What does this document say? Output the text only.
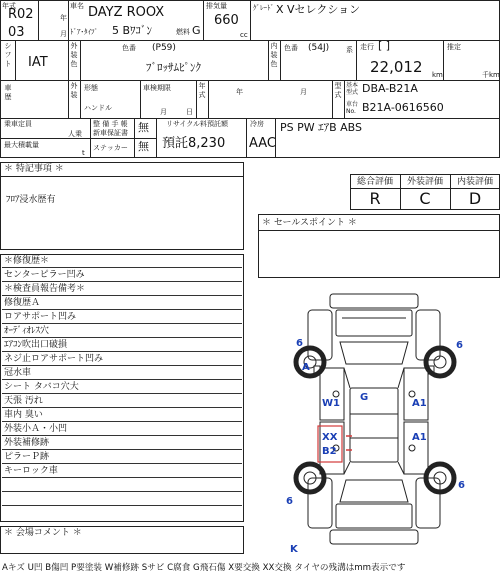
年式
R02	年
03	月
車名 DAYZ ROOX
ﾄﾞｱ･ﾀｲﾌﾟ 5 Bﾜｺﾞﾝ	燃料 G
排気量
660
cc
ｸﾞﾚｰﾄﾞ X Vセレクション
シフト IAT
外装色
色番 (P59)
ﾌﾞﾛｯｻﾑﾋﾟﾝｸ
内装色
色番 (54J) 系 走行 [ ]
22,012 km
推定
千km
車歴
外装
形態
ハンドル
車検期限
月	日
年式	年	月
型式
基本型式 DBA-B21A
車台No. B21A-0616560
乗車定員
人乗
最大積載量
t
整 備 手 帳
新車保証書 無
ステッカー 無
リサイクル料預託額
預託8,230
冷房
AAC
PS PW ｴｱB ABS
＊ 特記事項 ＊
ﾌﾛｱ浸水歴有
総合評価	外装評価	内装評価
R	C	D
＊ セールスポイント ＊
＊修復歴＊
センターピラー凹み
＊検査員報告備考＊
修復歴Ａ
ロアサポート凹み
ｵｰﾃﾞｨｵﾚｽ穴
ｴｱｺﾝ吹出口破損
ネジ止ロアサポート凹み
冠水車
シート タバコ穴大
天張 汚れ
車内 臭い
外装小Ａ・小凹
外装補修跡
ピラーＰ跡
キーロック車
＊ 会場コメント ＊
6
A
6
W1
G
A1
XX
B2
A1
6
6
K
Aキズ U凹 B傷凹 P要塗装 W補修跡 Sサビ C腐食 G飛石傷 X要交換 XX交換 タイヤの残溝はmm表示です
